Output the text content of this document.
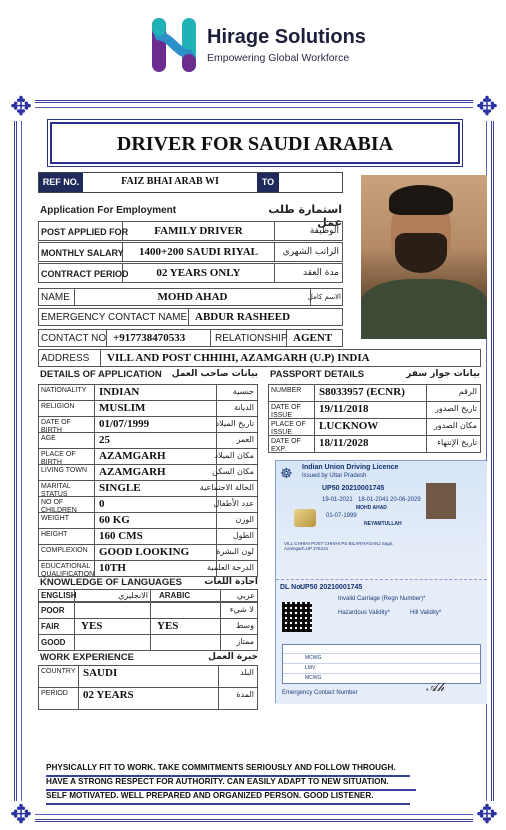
Hirage Solutions
Empowering Global Workforce
✥	✥
✥	✥
DRIVER FOR SAUDI ARABIA
REF NO.	FAIZ BHAI ARAB WI	TO
Application For Employment	استمارة طلب عمل
POST APPLIED FOR	FAMILY DRIVER	الوظيفة
MONTHLY SALARY	1400+200 SAUDI RIYAL	الراتب الشهري
CONTRACT PERIOD	02 YEARS ONLY	مدة العقد
NAME	MOHD AHAD	الاسم كامل
EMERGENCY CONTACT NAME ABDUR RASHEED
CONTACT NO +917738470533	RELATIONSHIP AGENT
ADDRESS	VILL AND POST CHHIHI, AZAMGARH (U.P) INDIA
DETAILS OF APPLICATION	بيانات صاحب العمل PASSPORT DETAILS	بيانات جواز سفر
NATIONALITY	INDIAN	جنسية
RELIGION	MUSLIM	الديانة
DATE OF BIRTH
01/07/1999	تاريخ الميلاد
AGE	25	العمر
PLACE OF BIRTH
AZAMGARH	مكان الميلاد
LIVING TOWN	AZAMGARH	مكان السكن
MARITAL STATUS
SINGLE	الحالة الاجتماعية
NO OF CHILDREN
0	عدد الأطفال
WEIGHT	60 KG	الوزن
HEIGHT	160 CMS	الطول
COMPLEXION	GOOD LOOKING	لون البشرة
EDUCATIONAL QUALIFICATION
10TH	الدرجة العلمية
NUMBER	S8033957 (ECNR)	الرقم
DATE OF ISSUE
19/11/2018	تاريخ الصدور
PLACE OF ISSUE
LUCKNOW	مكان الصدور
DATE OF EXP.
18/11/2028	تاريخ الإنتهاء
KNOWLEDGE OF LANGUAGES	اجادة اللغات
ENGLISH	الانجليزي	ARABIC	عربي
POOR	لا شيء
FAIR	YES	YES	وسط
GOOD	ممتاز
WORK EXPERIENCE	خبرة العمل
COUNTRY SAUDI	البلد
PERIOD	02 YEARS	المدة
☸ Indian Union Driving Licence
Issued by Uttar Pradesh
UP50 20210001745
19-01-2021 18-01-2041 20-06-2029
MOHD AHAD
01-07-1999
NEYAMTULLAH
VILL CHHIHI POST CHHIHI PS BILARIYAGANJ Sagri, Azamgarh,UP 276121
DL No:
UP50 20210001745
Invalid Carriage (Regn Number)*
Hazardous Validity*	Hill Validity*
MCWG
LMV
MCWG
Emergency Contact Number	𝒜𝒽
PHYSICALLY FIT TO WORK. TAKE COMMITMENTS SERIOUSLY AND FOLLOW THROUGH.
HAVE A STRONG RESPECT FOR AUTHORITY. CAN EASILY ADAPT TO NEW SITUATION.
SELF MOTIVATED. WELL PREPARED AND ORGANIZED PERSON. GOOD LISTENER.
